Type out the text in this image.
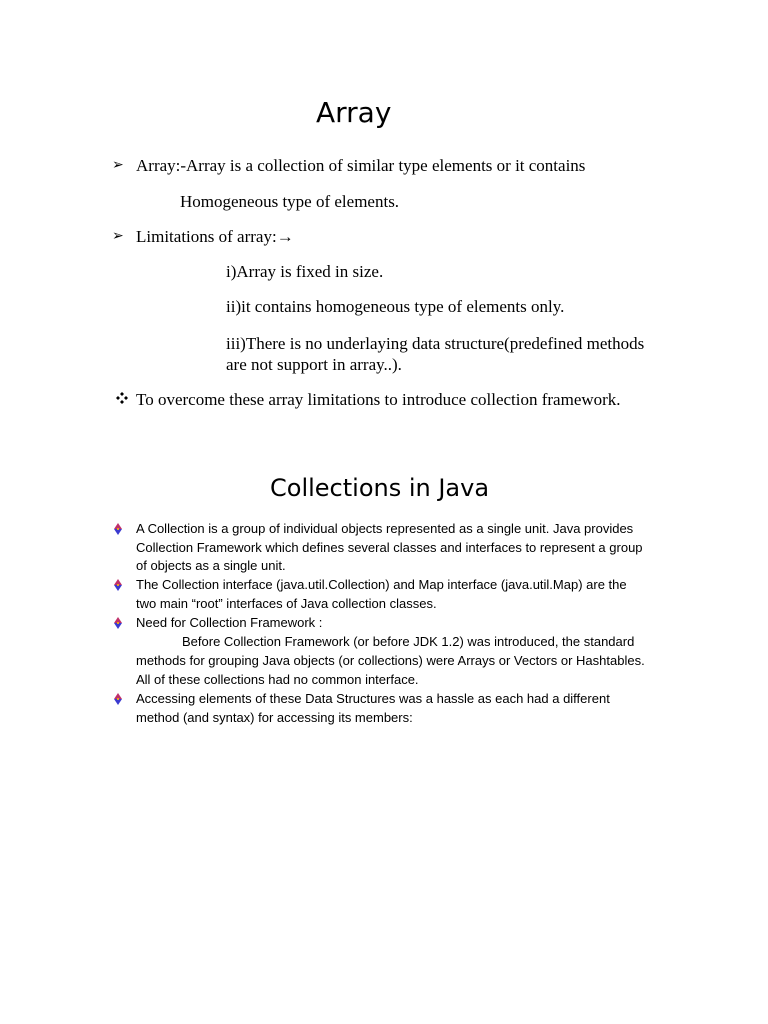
Array
➢ Array:-Array is a collection of similar type elements or it contains
Homogeneous type of elements.
➢ Limitations of array:→
i)Array is fixed in size.
ii)it contains homogeneous type of elements only.
iii)There is no underlaying data structure(predefined methods
are not support in array..).
To overcome these array limitations to introduce collection framework.
Collections in Java
A Collection is a group of individual objects represented as a single unit. Java provides
Collection Framework which defines several classes and interfaces to represent a group
of objects as a single unit.
The Collection interface (java.util.Collection) and Map interface (java.util.Map) are the
two main “root” interfaces of Java collection classes.
Need for Collection Framework :
Before Collection Framework (or before JDK 1.2) was introduced, the standard
methods for grouping Java objects (or collections) were Arrays or Vectors or Hashtables.
All of these collections had no common interface.
Accessing elements of these Data Structures was a hassle as each had a different
method (and syntax) for accessing its members:
